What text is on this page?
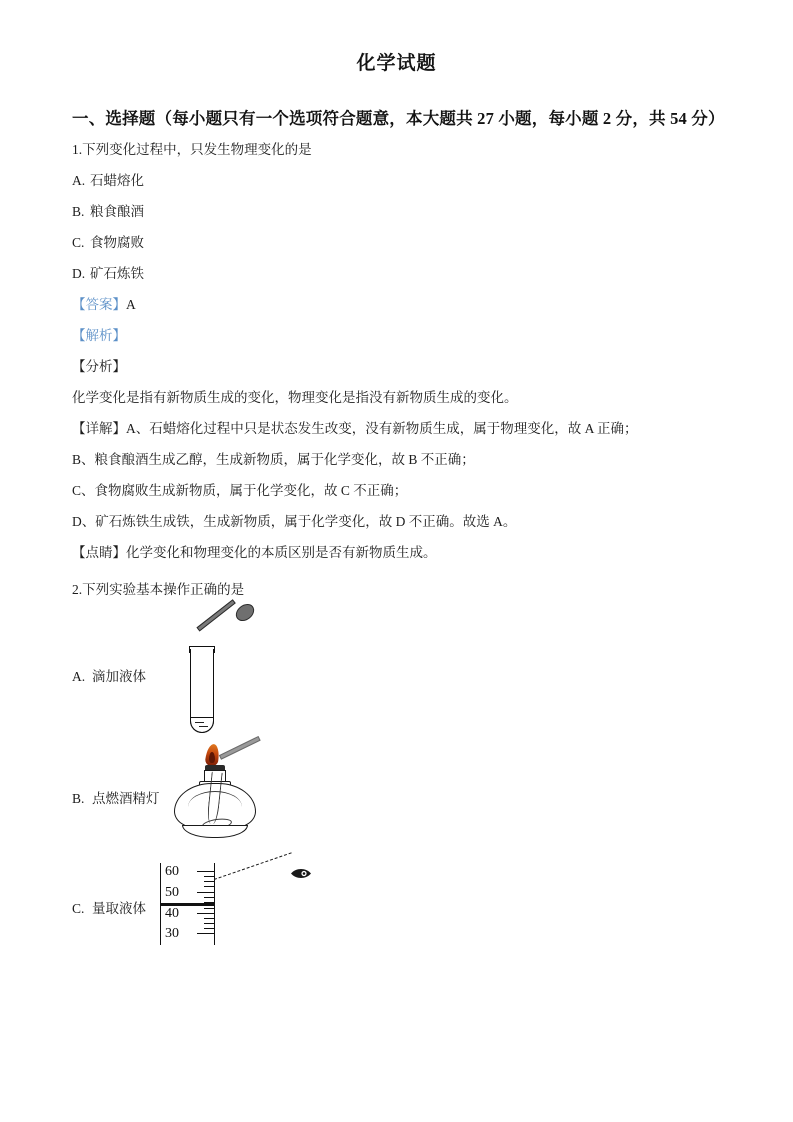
化学试题
一、选择题（每小题只有一个选项符合题意，本大题共 27 小题，每小题 2 分，共 54 分）
1.下列变化过程中，只发生物理变化的是
A. 石蜡熔化
B. 粮食酿酒
C. 食物腐败
D. 矿石炼铁
【答案】A
【解析】
【分析】
化学变化是指有新物质生成的变化，物理变化是指没有新物质生成的变化。
【详解】A、石蜡熔化过程中只是状态发生改变，没有新物质生成，属于物理变化，故 A 正确；
B、粮食酿酒生成乙醇，生成新物质，属于化学变化，故 B 不正确；
C、食物腐败生成新物质，属于化学变化，故 C 不正确；
D、矿石炼铁生成铁，生成新物质，属于化学变化，故 D 不正确。故选 A。
【点睛】化学变化和物理变化的本质区别是否有新物质生成。
2.下列实验基本操作正确的是
A. 滴加液体
B. 点燃酒精灯
C. 量取液体
60
50
40
30
